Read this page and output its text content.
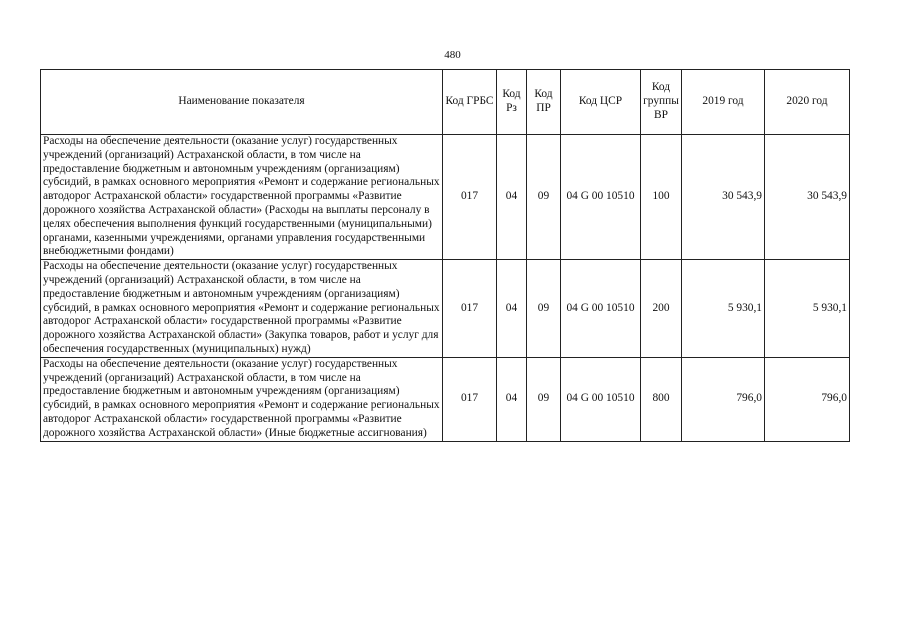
480
Наименование показателя	Код ГРБС	Код Рз	Код ПР	Код ЦСР	Код группы ВР	2019 год	2020 год
Расходы на обеспечение деятельности (оказание услуг) государственных учреждений (организаций) Астраханской области, в том числе на предоставление бюджетным и автономным учреждениям (организациям) субсидий, в рамках основного мероприятия «Ремонт и содержание региональных автодорог Астраханской области» государственной программы «Развитие дорожного хозяйства Астраханской области» (Расходы на выплаты персоналу в целях обеспечения выполнения функций государственными (муниципальными) органами, казенными учреждениями, органами управления государственными внебюджетными фондами)	017	04	09	04 G 00 10510	100	30 543,9	30 543,9
Расходы на обеспечение деятельности (оказание услуг) государственных учреждений (организаций) Астраханской области, в том числе на предоставление бюджетным и автономным учреждениям (организациям) субсидий, в рамках основного мероприятия «Ремонт и содержание региональных автодорог Астраханской области» государственной программы «Развитие дорожного хозяйства Астраханской области» (Закупка товаров, работ и услуг для обеспечения государственных (муниципальных) нужд)	017	04	09	04 G 00 10510	200	5 930,1	5 930,1
Расходы на обеспечение деятельности (оказание услуг) государственных учреждений (организаций) Астраханской области, в том числе на предоставление бюджетным и автономным учреждениям (организациям) субсидий, в рамках основного мероприятия «Ремонт и содержание региональных автодорог Астраханской области» государственной программы «Развитие дорожного хозяйства Астраханской области» (Иные бюджетные ассигнования)	017	04	09	04 G 00 10510	800	796,0	796,0
